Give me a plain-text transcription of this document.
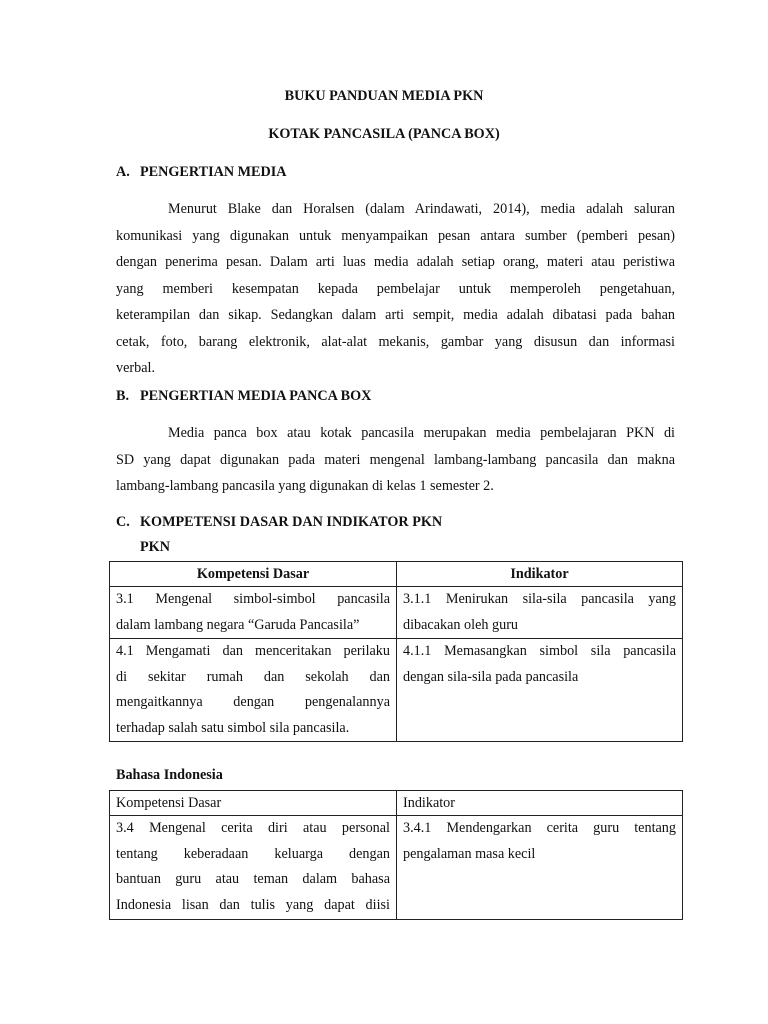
BUKU PANDUAN MEDIA PKN
KOTAK PANCASILA (PANCA BOX)
A. PENGERTIAN MEDIA
Menurut Blake dan Horalsen (dalam Arindawati, 2014), media adalah saluran
komunikasi yang digunakan untuk menyampaikan pesan antara sumber (pemberi pesan)
dengan penerima pesan. Dalam arti luas media adalah setiap orang, materi atau peristiwa
yang memberi kesempatan kepada pembelajar untuk memperoleh pengetahuan,
keterampilan dan sikap. Sedangkan dalam arti sempit, media adalah dibatasi pada bahan
cetak, foto, barang elektronik, alat-alat mekanis, gambar yang disusun dan informasi
verbal.
B. PENGERTIAN MEDIA PANCA BOX
Media panca box atau kotak pancasila merupakan media pembelajaran PKN di
SD yang dapat digunakan pada materi mengenal lambang-lambang pancasila dan makna
lambang-lambang pancasila yang digunakan di kelas 1 semester 2.
C. KOMPETENSI DASAR DAN INDIKATOR PKN
PKN
Kompetensi Dasar	Indikator

3.1 Mengenal simbol-simbol pancasila
dalam lambang negara “Garuda Pancasila”	3.1.1 Menirukan sila-sila pancasila yang
dibacakan oleh guru

4.1 Mengamati dan menceritakan perilaku
di sekitar rumah dan sekolah dan
mengaitkannya dengan pengenalannya
terhadap salah satu simbol sila pancasila.	4.1.1 Memasangkan simbol sila pancasila
dengan sila-sila pada pancasila
Bahasa Indonesia
Kompetensi Dasar	Indikator

3.4 Mengenal cerita diri atau personal
tentang keberadaan keluarga dengan
bantuan guru atau teman dalam bahasa
Indonesia lisan dan tulis yang dapat diisi	3.4.1 Mendengarkan cerita guru tentang
pengalaman masa kecil
